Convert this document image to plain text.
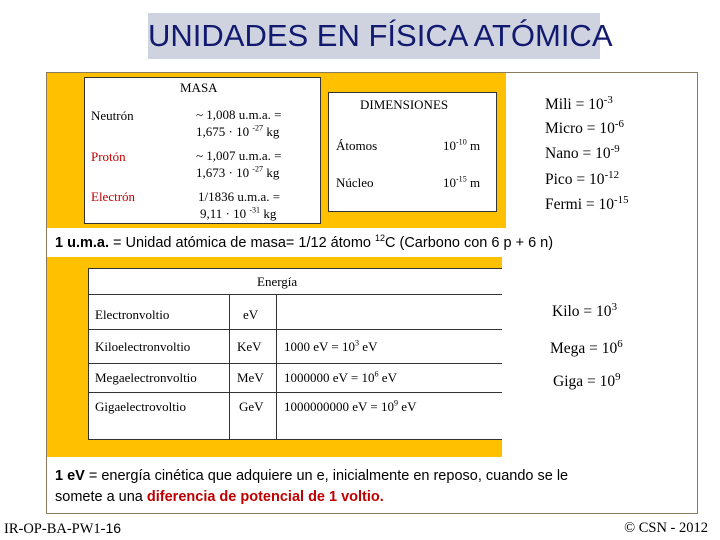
UNIDADES EN FÍSICA ATÓMICA
MASA
Neutrón	~ 1,008 u.m.a. =
1,675 · 10 $^{-27}$ kg
Protón	~ 1,007 u.m.a. =
1,673 · 10 $^{-27}$ kg
Electrón	1/1836 u.m.a. =
9,11 · 10 $^{-31}$ kg
DIMENSIONES
Átomos	$10^{-10}$ m
Núcleo	$10^{-15}$ m
Mili = $10^{-3}$
Micro = $10^{-6}$
Nano = $10^{-9}$
Pico = $10^{-12}$
Fermi = $10^{-15}$
1 u.m.a. = Unidad atómica de masa= 1/12 átomo $^{12}$C (Carbono con 6 p + 6 n)
Energía
Electronvoltio	eV
Kiloelectronvoltio	KeV 1000 eV = $10^3$ eV
Megaelectronvoltio	MeV 1000000 eV = $10^6$ eV
Gigaelectrovoltio	GeV 1000000000 eV = $10^9$ eV
Kilo = $10^3$
Mega = $10^6$
Giga = $10^9$
1 eV = energía cinética que adquiere un e, inicialmente en reposo, cuando se le
somete a una diferencia de potencial de 1 voltio.
IR-OP-BA-PW1-16	© CSN - 2012
